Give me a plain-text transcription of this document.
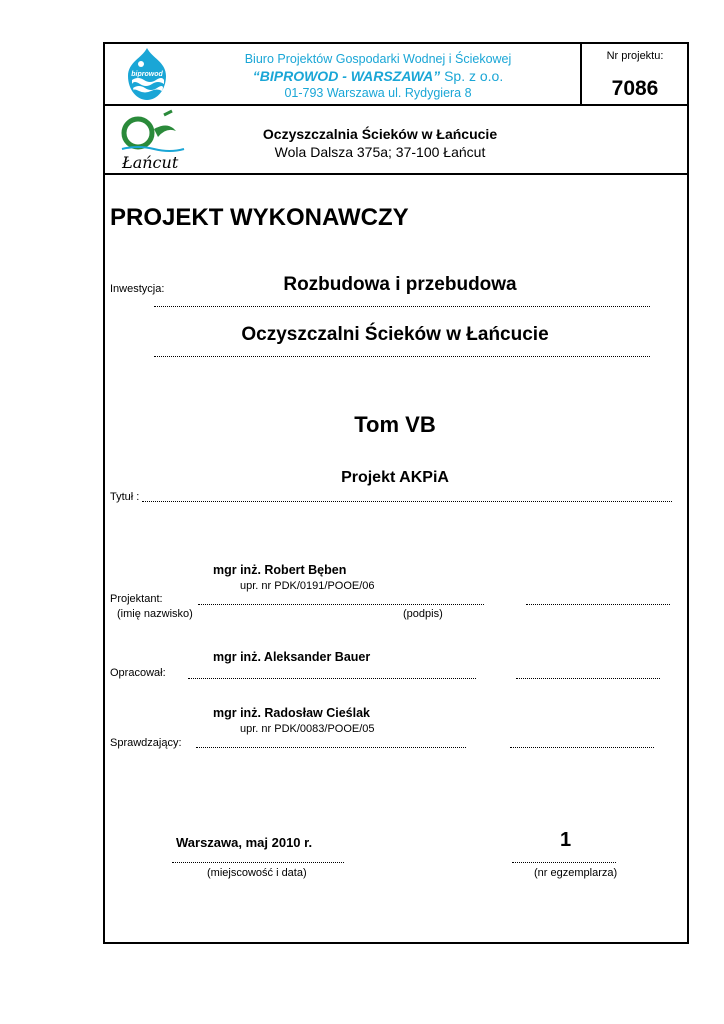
biprowod
Biuro Projektów Gospodarki Wodnej i Ściekowej
“BIPROWOD - WARSZAWA” Sp. z o.o.
01-793 Warszawa ul. Rydygiera 8
Nr projektu:
7086
Łańcut
Oczyszczalnia Ścieków w Łańcucie
Wola Dalsza 375a; 37-100 Łańcut
PROJEKT WYKONAWCZY
Inwestycja:	Rozbudowa i przebudowa
Oczyszczalni Ścieków w Łańcucie
Tom VB
Projekt AKPiA
Tytuł :
mgr inż. Robert Bęben
upr. nr PDK/0191/POOE/06
Projektant:
(imię nazwisko)	(podpis)
mgr inż. Aleksander Bauer
Opracował:
mgr inż. Radosław Cieślak
upr. nr PDK/0083/POOE/05
Sprawdzający:
Warszawa, maj 2010 r.
(miejscowość i data)
1
(nr egzemplarza)
